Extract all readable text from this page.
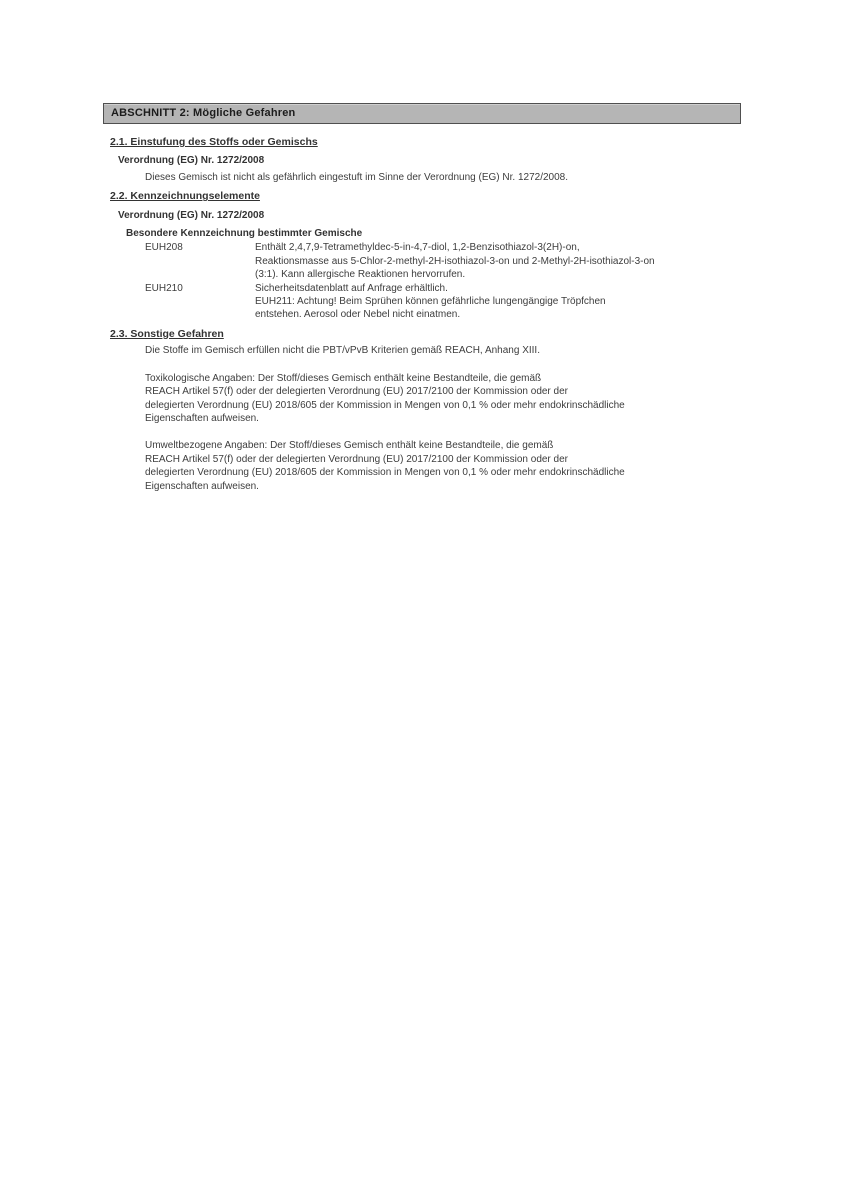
ABSCHNITT 2: Mögliche Gefahren
2.1. Einstufung des Stoffs oder Gemischs
Verordnung (EG) Nr. 1272/2008
Dieses Gemisch ist nicht als gefährlich eingestuft im Sinne der Verordnung (EG) Nr. 1272/2008.
2.2. Kennzeichnungselemente
Verordnung (EG) Nr. 1272/2008
Besondere Kennzeichnung bestimmter Gemische
EUH208	Enthält 2,4,7,9-Tetramethyldec-5-in-4,7-diol, 1,2-Benzisothiazol-3(2H)-on,
Reaktionsmasse aus 5-Chlor-2-methyl-2H-isothiazol-3-on und 2-Methyl-2H-isothiazol-3-on
(3:1). Kann allergische Reaktionen hervorrufen.
EUH210	Sicherheitsdatenblatt auf Anfrage erhältlich.
EUH211: Achtung! Beim Sprühen können gefährliche lungengängige Tröpfchen
entstehen. Aerosol oder Nebel nicht einatmen.
2.3. Sonstige Gefahren
Die Stoffe im Gemisch erfüllen nicht die PBT/vPvB Kriterien gemäß REACH, Anhang XIII.
Toxikologische Angaben: Der Stoff/dieses Gemisch enthält keine Bestandteile, die gemäß
REACH Artikel 57(f) oder der delegierten Verordnung (EU) 2017/2100 der Kommission oder der
delegierten Verordnung (EU) 2018/605 der Kommission in Mengen von 0,1 % oder mehr endokrinschädliche
Eigenschaften aufweisen.
Umweltbezogene Angaben: Der Stoff/dieses Gemisch enthält keine Bestandteile, die gemäß
REACH Artikel 57(f) oder der delegierten Verordnung (EU) 2017/2100 der Kommission oder der
delegierten Verordnung (EU) 2018/605 der Kommission in Mengen von 0,1 % oder mehr endokrinschädliche
Eigenschaften aufweisen.
